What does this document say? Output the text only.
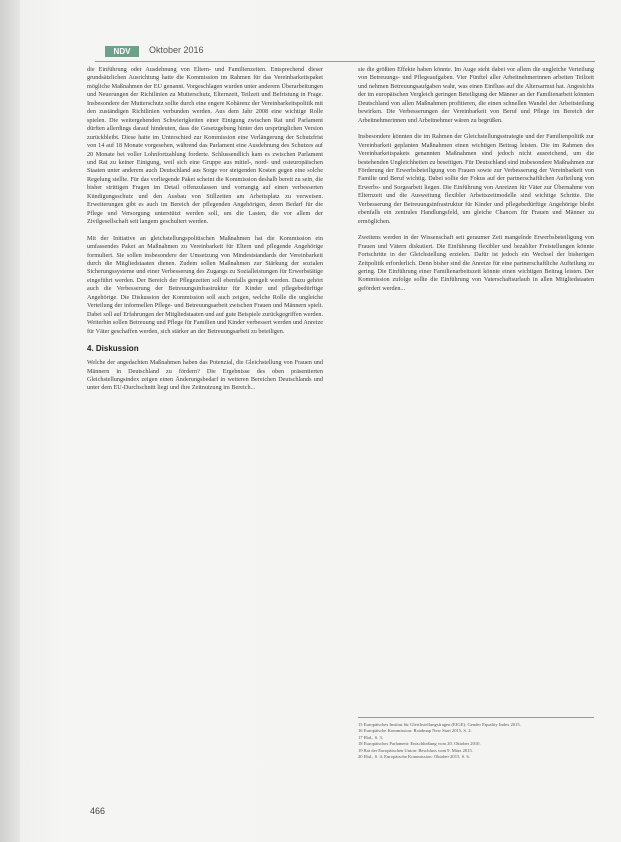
NDV	Oktober 2016

die Einführung oder Ausdehnung von Eltern- und Familienzeiten. Entsprechend dieser grundsätzlichen Ausrichtung hatte die Kommission im Rahmen für das Vereinbarkeitspaket mögliche Maßnahmen der EU genannt. Vorgeschlagen wurden unter anderem Überarbeitungen und Neuerungen der Richtlinien zu Mutterschutz, Elternzeit, Teilzeit und Befristung in Frage. Insbesondere der Mutterschutz sollte durch eine engere Kohärenz der Vereinbarkeitspolitik mit den zuständigen Richtlinien verbunden werden. Aus dem Jahr 2008 eine wichtige Rolle spielen. Die weitergehenden Schwierigkeiten einer Einigung zwischen Rat und Parlament dürften allerdings darauf hindeuten, dass die Gesetzgebung hinter den ursprünglichen Version zurückbleibt. Diese hatte im Unterschied zur Kommission eine Verlängerung der Schutzfrist von 14 auf 18 Monate vorgesehen, während das Parlament eine Ausdehnung des Schutzes auf 20 Monate bei voller Lohnfortzahlung forderte. Schlussendlich kam es zwischen Parlament und Rat zu keiner Einigung, weil sich eine Gruppe aus mittel-, nord- und osteuropäischen Staaten unter anderem auch Deutschland aus Sorge vor steigenden Kosten gegen eine solche Regelung stellte. Für das vorliegende Paket scheint die Kommission deshalb bereit zu sein, die bisher strittigen Fragen im Detail offenzulassen und vorrangig auf einen verbesserten Kündigungsschutz und den Ausbau von Stillzeiten am Arbeitsplatz zu verweisen. Erweiterungen gibt es auch im Bereich der pflegenden Angehörigen, deren Bedarf für die Pflege und Versorgung unterstützt werden soll, um die Lasten, die vor allem der Zivilgesellschaft seit langem geschultert werden.

Mit der Initiative an gleichstellungspolitischen Maßnahmen hat die Kommission ein umfassendes Paket an Maßnahmen zu Vereinbarkeit für Eltern und pflegende Angehörige formuliert. Sie sollen insbesondere der Umsetzung von Mindeststandards der Vereinbarkeit durch die Mitgliedstaaten dienen. Zudem sollen Maßnahmen zur Stärkung der sozialen Sicherungssysteme und einer Verbesserung des Zugangs zu Sozialleistungen für Erwerbstätige eingeführt werden. Der Bereich der Pflegezeiten soll ebenfalls geregelt werden. Dazu gehört auch die Verbesserung der Betreuungsinfrastruktur für Kinder und pflegebedürftige Angehörige. Die Diskussion der Kommission soll auch zeigen, welche Rolle die ungleiche Verteilung der informellen Pflege- und Betreuungsarbeit zwischen Frauen und Männern spielt. Dabei soll auf Erfahrungen der Mitgliedstaaten und auf gute Beispiele zurückgegriffen werden. Weiterhin sollen Betreuung und Pflege für Familien und Kinder verbessert werden und Anreize für Väter geschaffen werden, sich stärker an der Betreuungsarbeit zu beteiligen.

4. Diskussion

Welche der angedachten Maßnahmen haben das Potenzial, die Gleichstellung von Frauen und Männern in Deutschland zu fördern? Die Ergebnisse des oben präsentierten Gleichstellungsindex zeigen einen Änderungsbedarf in weiteren Bereichen Deutschlands und unter dem EU-Durchschnitt liegt und ihre Zeitnutzung im Bereich...

sie die größten Effekte haben könnte. Im Auge steht dabei vor allem die ungleiche Verteilung von Betreuungs- und Pflegeaufgaben. Vier Fünftel aller Arbeitnehmerinnen arbeiten Teilzeit und nehmen Betreuungsaufgaben wahr, was einen Einfluss auf die Altersarmut hat. Angesichts der im europäischen Vergleich geringen Beteiligung der Männer an der Familienarbeit könnten Deutschland von allen Maßnahmen profitieren, die einen schnellen Wandel der Arbeitsteilung bewirken. Die Verbesserungen der Vereinbarkeit von Beruf und Pflege im Bereich der Arbeitnehmerinnen und Arbeitnehmer wären zu begrüßen.

Insbesondere könnten die im Rahmen der Gleichstellungsstrategie und der Familienpolitik zur Vereinbarkeit geplanten Maßnahmen einen wichtigen Beitrag leisten. Die im Rahmen des Vereinbarkeitspakets genannten Maßnahmen sind jedoch nicht ausreichend, um die bestehenden Ungleichheiten zu beseitigen. Für Deutschland sind insbesondere Maßnahmen zur Förderung der Erwerbsbeteiligung von Frauen sowie zur Verbesserung der Vereinbarkeit von Familie und Beruf wichtig. Dabei sollte der Fokus auf der partnerschaftlichen Aufteilung von Erwerbs- und Sorgearbeit liegen. Die Einführung von Anreizen für Väter zur Übernahme von Elternzeit und die Ausweitung flexibler Arbeitszeitmodelle sind wichtige Schritte. Die Verbesserung der Betreuungsinfrastruktur für Kinder und pflegebedürftige Angehörige bleibt ebenfalls ein zentrales Handlungsfeld, um gleiche Chancen für Frauen und Männer zu ermöglichen.

Zweitens werden in der Wissenschaft seit geraumer Zeit mangelnde Erwerbsbeteiligung von Frauen und Vätern diskutiert. Die Einführung flexibler und bezahlter Freistellungen könnte Fortschritte in der Gleichstellung erzielen. Dafür ist jedoch ein Wechsel der bisherigen Zeitpolitik erforderlich. Denn bisher sind die Anreize für eine partnerschaftliche Aufteilung zu gering. Die Einführung einer Familienarbeitszeit könnte einen wichtigen Beitrag leisten. Der Kommission zufolge sollte die Einführung von Vaterschaftsurlaub in allen Mitgliedstaaten gefördert werden...

15 Europäisches Institut für Gleichstellungsfragen (EIGE): Gender Equality Index 2015.

16 Europäische Kommission: Roadmap New Start 2015, S. 2.

17 Ebd., S. 3.

18 Europäisches Parlament: Entschließung vom 20. Oktober 2010.

19 Rat der Europäischen Union: Beschluss vom 9. März 2015.

20 Ebd., S. 4; Europäische Kommission: Oktober 2015, S. 6.

466
